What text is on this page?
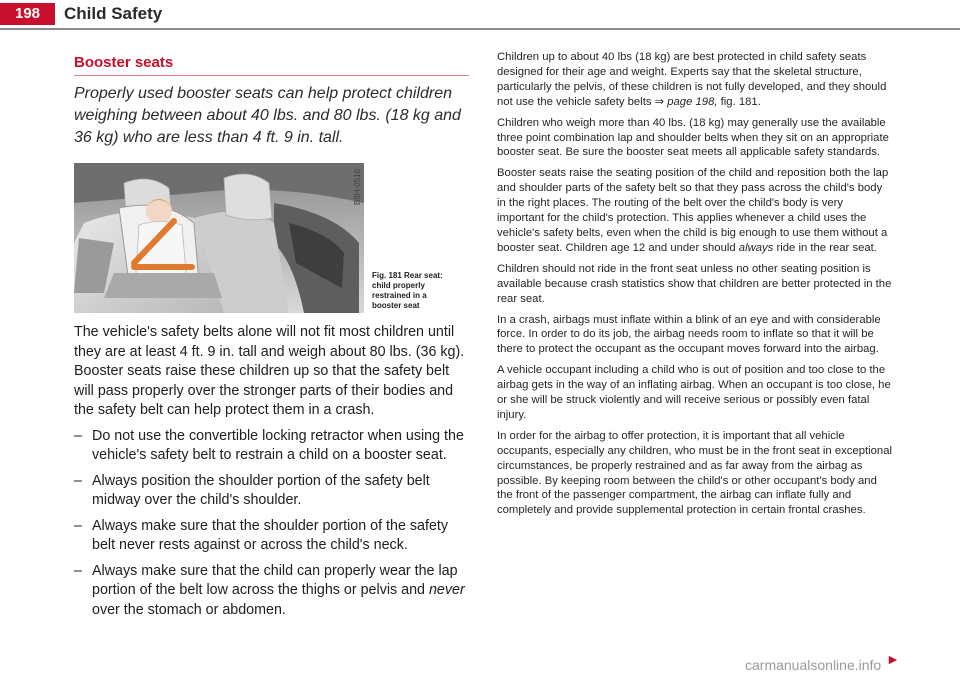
198	Child Safety
Booster seats

Properly used booster seats can help protect children weighing between about 40 lbs. and 80 lbs. (18 kg and 36 kg) who are less than 4 ft. 9 in. tall.

B8H-0516
Fig. 181 Rear seat: child properly restrained in a booster seat

The vehicle's safety belts alone will not fit most children until they are at least 4 ft. 9 in. tall and weigh about 80 lbs. (36 kg). Booster seats raise these children up so that the safety belt will pass properly over the stronger parts of their bodies and the safety belt can help protect them in a crash.

– Do not use the convertible locking retractor when using the vehicle's safety belt to restrain a child on a booster seat.
– Always position the shoulder portion of the safety belt midway over the child's shoulder.
– Always make sure that the shoulder portion of the safety belt never rests against or across the child's neck.
– Always make sure that the child can properly wear the lap portion of the belt low across the thighs or pelvis and never over the stomach or abdomen.

Children up to about 40 lbs (18 kg) are best protected in child safety seats designed for their age and weight. Experts say that the skeletal structure, particularly the pelvis, of these children is not fully developed, and they should not use the vehicle safety belts ⇒ page 198, fig. 181.

Children who weigh more than 40 lbs. (18 kg) may generally use the available three point combination lap and shoulder belts when they sit on an appropriate booster seat. Be sure the booster seat meets all applicable safety standards.

Booster seats raise the seating position of the child and reposition both the lap and shoulder parts of the safety belt so that they pass across the child's body in the right places. The routing of the belt over the child's body is very important for the child's protection. This applies whenever a child uses the vehicle's safety belts, even when the child is big enough to use them without a booster seat. Children age 12 and under should always ride in the rear seat.

Children should not ride in the front seat unless no other seating position is available because crash statistics show that children are better protected in the rear seat.

In a crash, airbags must inflate within a blink of an eye and with considerable force. In order to do its job, the airbag needs room to inflate so that it will be there to protect the occupant as the occupant moves forward into the airbag.

A vehicle occupant including a child who is out of position and too close to the airbag gets in the way of an inflating airbag. When an occupant is too close, he or she will be struck violently and will receive serious or possibly even fatal injury.

In order for the airbag to offer protection, it is important that all vehicle occupants, especially any children, who must be in the front seat in exceptional circumstances, be properly restrained and as far away from the airbag as possible. By keeping room between the child's or other occupant's body and the front of the passenger compartment, the airbag can inflate fully and completely and provide supplemental protection in certain frontal crashes.

carmanualsonline.info ►
